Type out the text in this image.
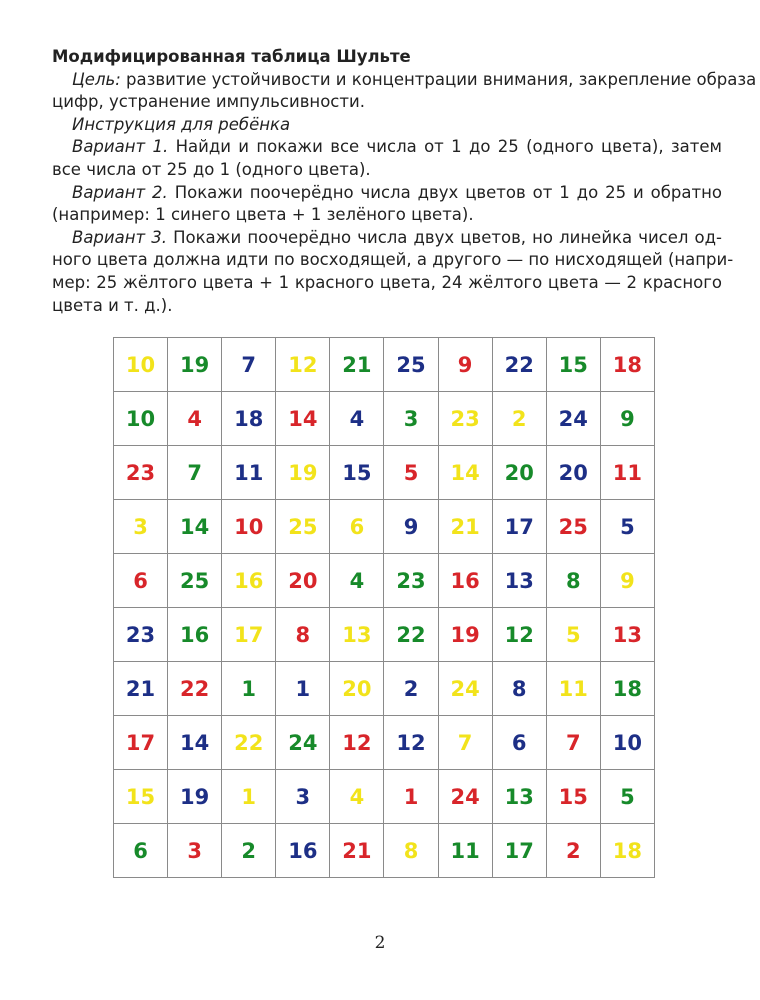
Модифицированная таблица Шульте
Цель: развитие устойчивости и концентрации внимания, закрепление образа
цифр, устранение импульсивности.
Инструкция для ребёнка
Вариант 1. Найди и покажи все числа от 1 до 25 (одного цвета), затем
все числа от 25 до 1 (одного цвета).
Вариант 2. Покажи поочерёдно числа двух цветов от 1 до 25 и обратно
(например: 1 синего цвета + 1 зелёного цвета).
Вариант 3. Покажи поочерёдно числа двух цветов, но линейка чисел од-
ного цвета должна идти по восходящей, а другого — по нисходящей (напри-
мер: 25 жёлтого цвета + 1 красного цвета, 24 жёлтого цвета — 2 красного
цвета и т. д.).
10	19	7	12	21	25	9	22	15	18
10	4	18	14	4	3	23	2	24	9
23	7	11	19	15	5	14	20	20	11
3	14	10	25	6	9	21	17	25	5
6	25	16	20	4	23	16	13	8	9
23	16	17	8	13	22	19	12	5	13
21	22	1	1	20	2	24	8	11	18
17	14	22	24	12	12	7	6	7	10
15	19	1	3	4	1	24	13	15	5
6	3	2	16	21	8	11	17	2	18
2
